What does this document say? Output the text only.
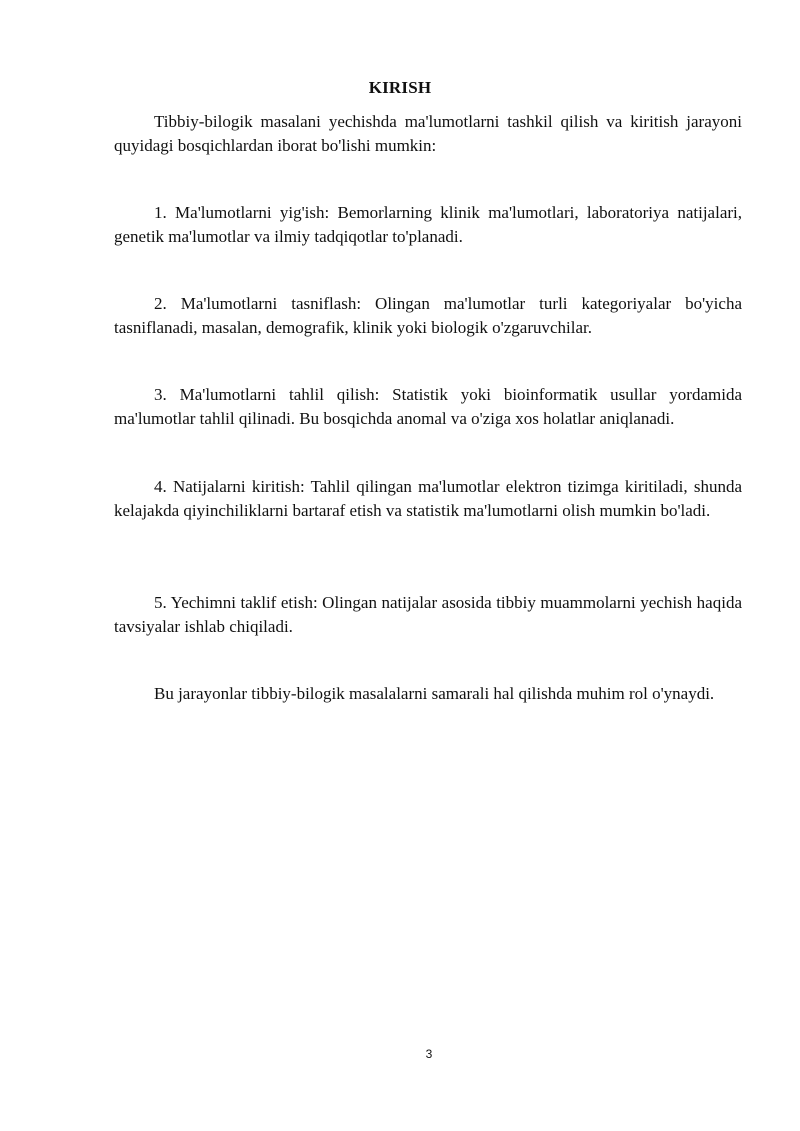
KIRISH

Tibbiy-bilogik masalani yechishda ma'lumotlarni tashkil qilish va kiritish jarayoni quyidagi bosqichlardan iborat bo'lishi mumkin:

1. Ma'lumotlarni yig'ish: Bemorlarning klinik ma'lumotlari, laboratoriya natijalari, genetik ma'lumotlar va ilmiy tadqiqotlar to'planadi.

2. Ma'lumotlarni tasniflash: Olingan ma'lumotlar turli kategoriyalar bo'yicha tasniflanadi, masalan, demografik, klinik yoki biologik o'zgaruvchilar.

3. Ma'lumotlarni tahlil qilish: Statistik yoki bioinformatik usullar yordamida ma'lumotlar tahlil qilinadi. Bu bosqichda anomal va o'ziga xos holatlar aniqlanadi.

4. Natijalarni kiritish: Tahlil qilingan ma'lumotlar elektron tizimga kiritiladi, shunda kelajakda qiyinchiliklarni bartaraf etish va statistik ma'lumotlarni olish mumkin bo'ladi.

5. Yechimni taklif etish: Olingan natijalar asosida tibbiy muammolarni yechish haqida tavsiyalar ishlab chiqiladi.

Bu jarayonlar tibbiy-bilogik masalalarni samarali hal qilishda muhim rol o'ynaydi.

3
